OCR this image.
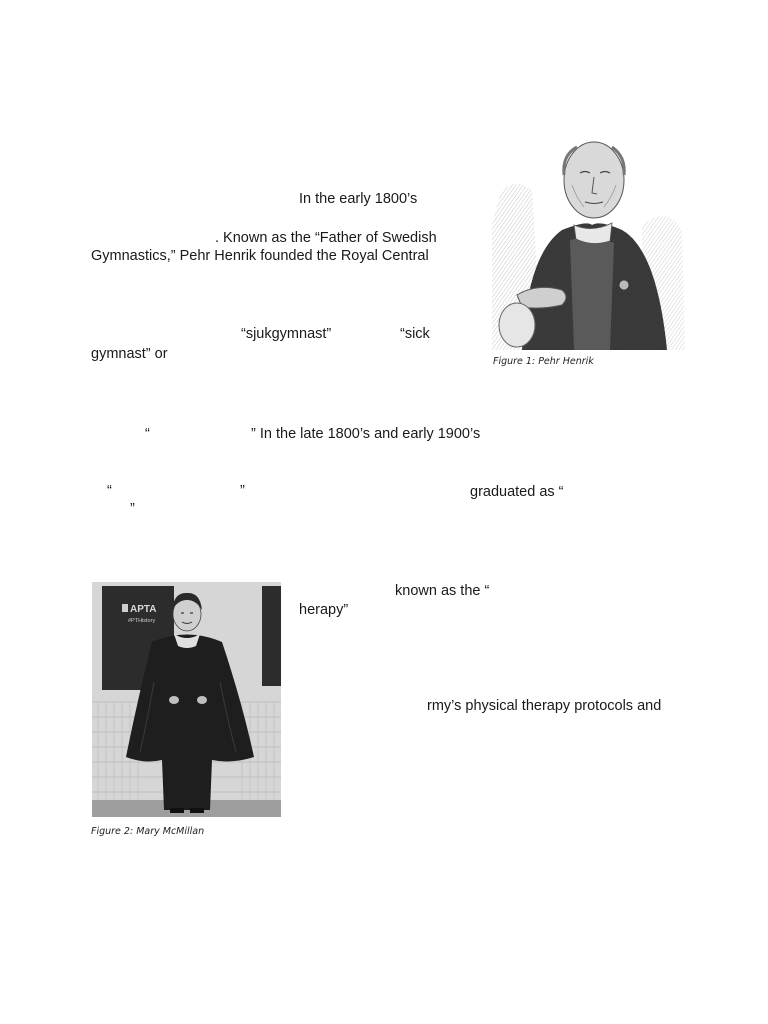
In the early 1800’s
. Known as the “Father of Swedish
Gymnastics,” Pehr Henrik founded the Royal Central
“sjukgymnast”	“sick
gymnast” or
“	” In the late 1800’s and early 1900’s
“	”	graduated as “
”
known as the “
herapy”
rmy’s physical therapy protocols and
Figure 1: Pehr Henrik
APTA
#PTHistory
Figure 2: Mary McMillan
